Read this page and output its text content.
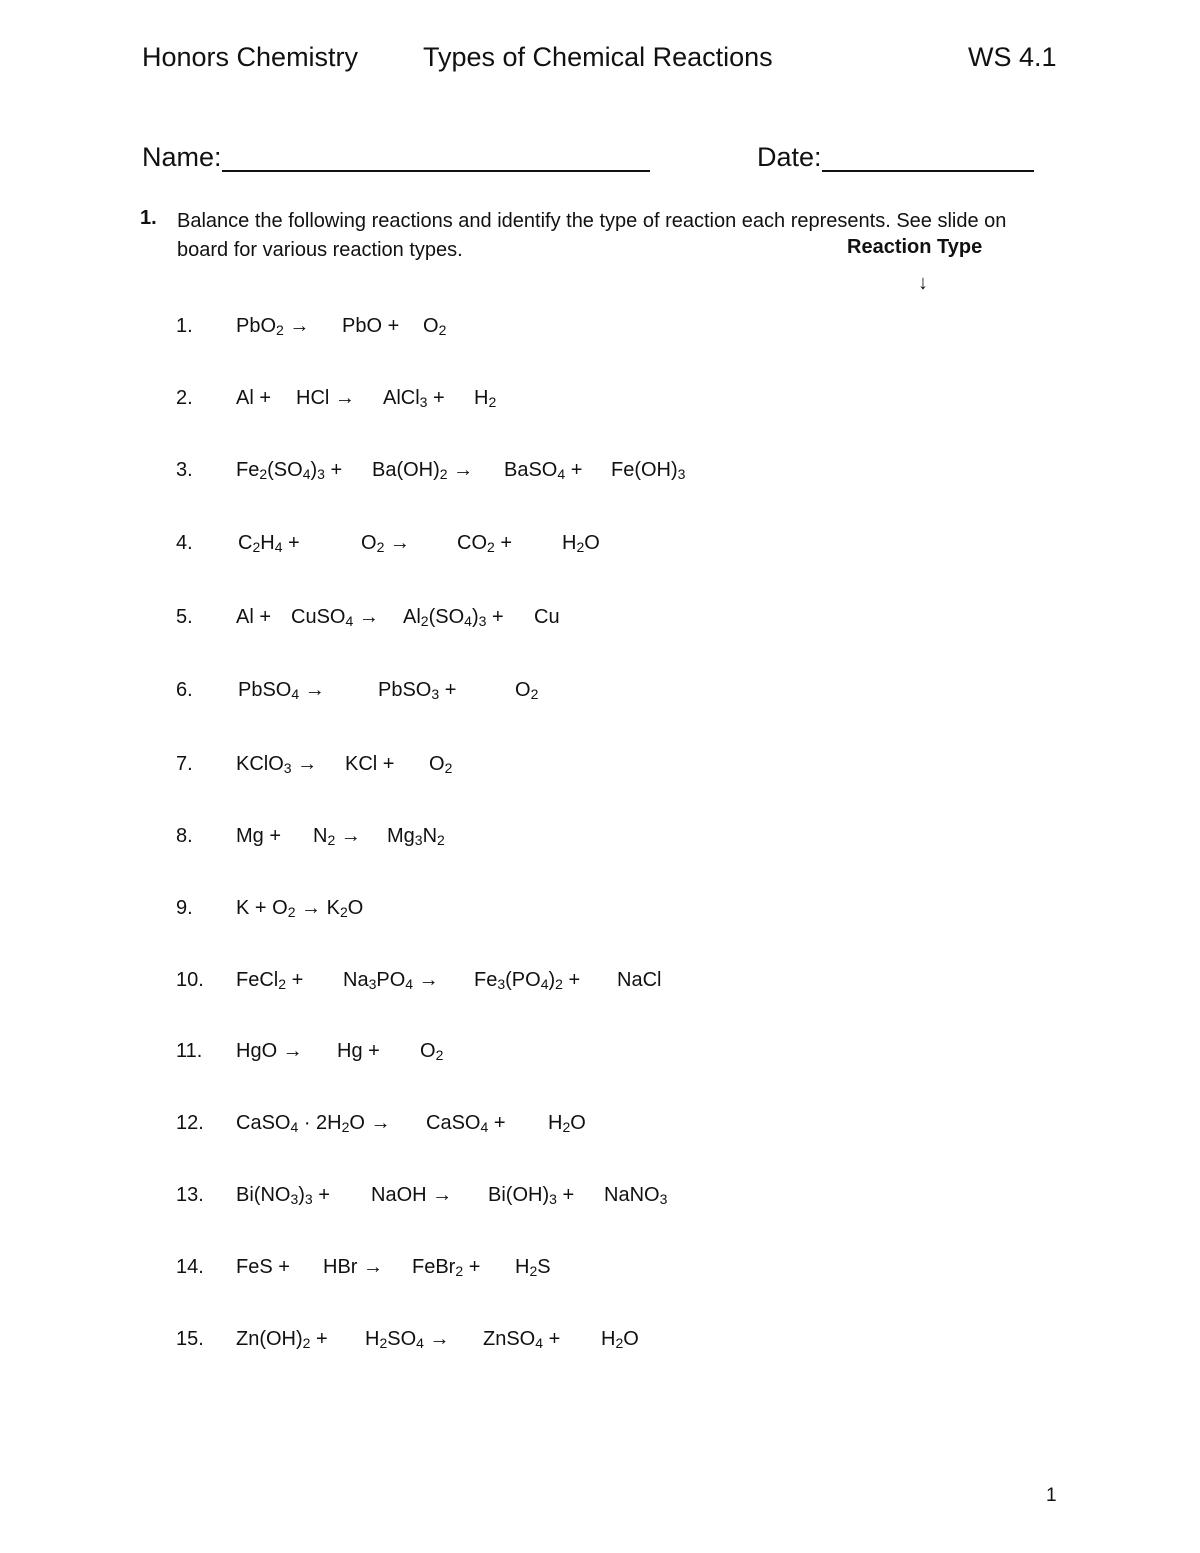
Honors Chemistry Types of Chemical Reactions	WS 4.1
Name:	Date:
1. Balance the following reactions and identify the type of reaction each represents. See slide on board for various reaction types.	Reaction Type
↓
1. PbO$_2$ → PbO + $O_2$
2. Al + HCl → AlCl$_3$ + $H_2$
3. $Fe_2(SO_4)_3 + Ba(OH)_2$ → BaSO$_4$ + $Fe(OH)_3$
4. $C_2H_4$ +	$O_2 \to CO_2 + H_2O$
5. Al + CuSO$_4$ → $Al_2(SO_4)_3 + Cu$
6. PbSO$_4$ →	PbSO$_3$ +	$O_2$
7. KClO$_3$ → KCl + $O_2$
8. $Mg + N_2 \to Mg_3N_2$
9. $K + O_2 \to K_2O$
10. FeCl$_2$ + $Na_3PO_4 \to Fe_3(PO_4)_2$ + NaCl
11. HgO → $Hg + O_2$
12. CaSO$_4$ · $2H_2O$ → CaSO$_4$ + $H_2O$
13. $Bi(NO_3)_3$ + NaOH → $Bi(OH)_3$ + NaNO$_3$
14. FeS + HBr → FeBr$_2$ + $H_2S$
15. $Zn(OH)_2 + H_2SO_4$ → ZnSO$_4$ + $H_2O$
1
